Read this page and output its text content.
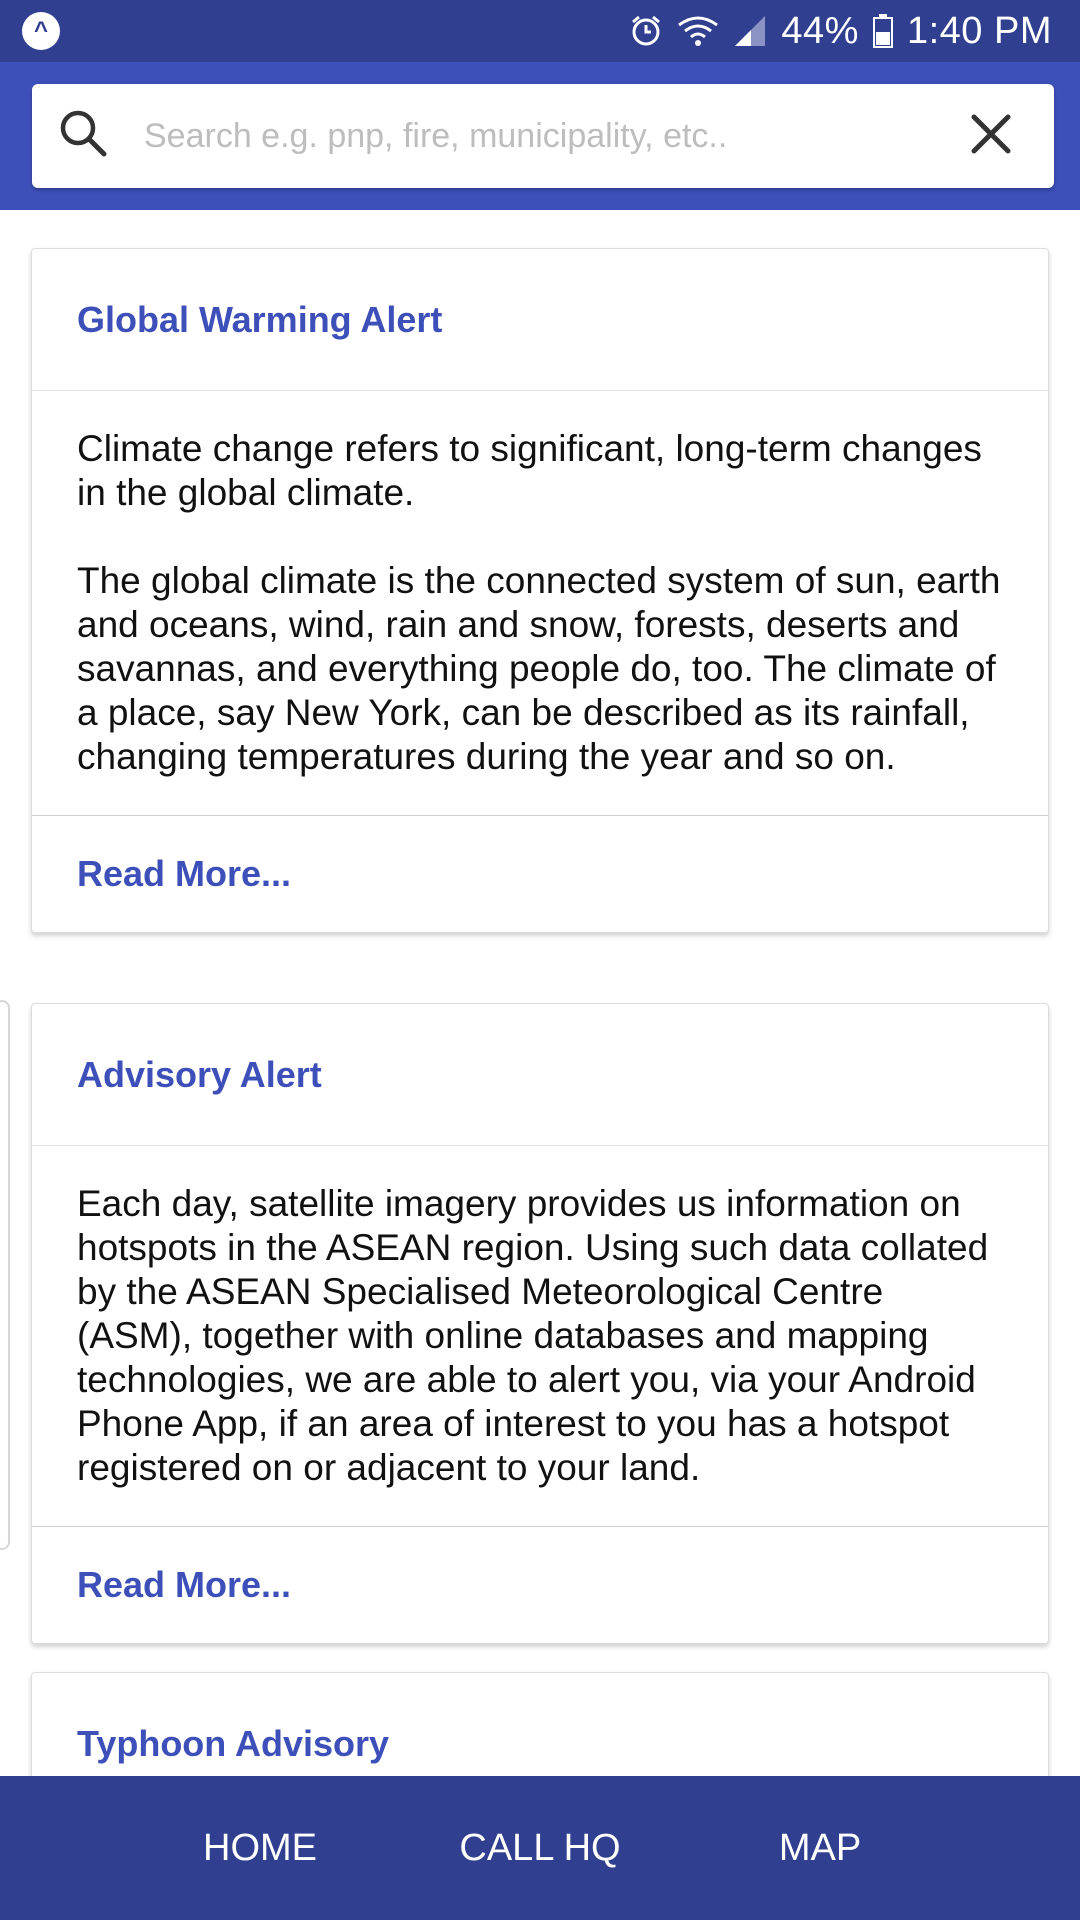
^	44% 1:40 PM
Search e.g. pnp, fire, municipality, etc..
Global Warming Alert

Climate change refers to significant, long-term changes in the global climate.

The global climate is the connected system of sun, earth and oceans, wind, rain and snow, forests, deserts and savannas, and everything people do, too. The climate of a place, say New York, can be described as its rainfall, changing temperatures during the year and so on.

Read More...
Advisory Alert

Each day, satellite imagery provides us information on hotspots in the ASEAN region. Using such data collated by the ASEAN Specialised Meteorological Centre (ASM), together with online databases and mapping technologies, we are able to alert you, via your Android Phone App, if an area of interest to you has a hotspot registered on or adjacent to your land.

Read More...
Typhoon Advisory
HOME	CALL HQ	MAP
